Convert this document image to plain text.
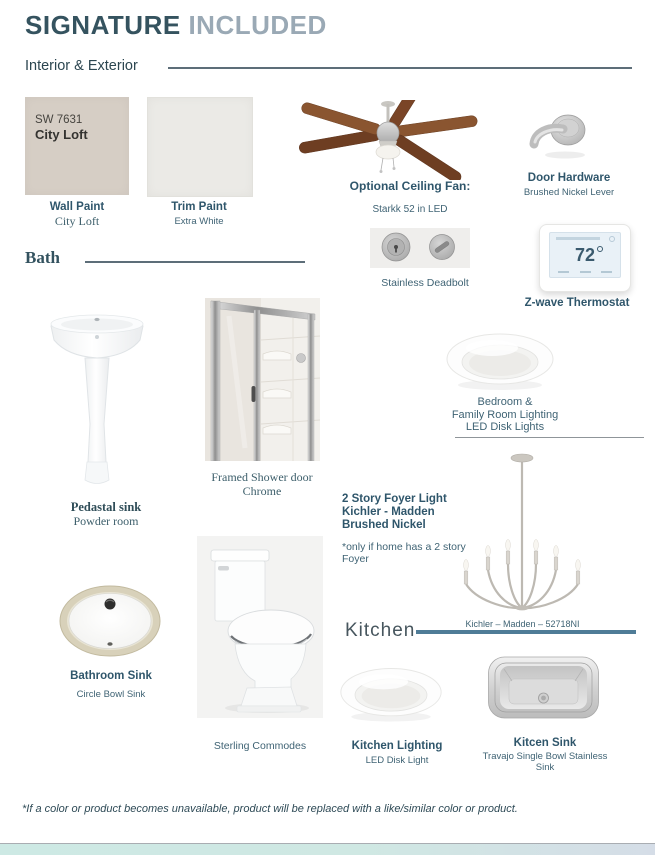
SIGNATURE INCLUDED
Interior & Exterior
SW 7631
City Loft
Wall Paint
City Loft
Trim Paint
Extra White
Optional Ceiling Fan:
Starkk 52 in LED
Door Hardware
Brushed Nickel Lever
Stainless Deadbolt
72
Z-wave Thermostat
Bath
Pedastal sink
Powder room
Framed Shower door
Chrome
Bedroom &
Family Room Lighting
LED Disk Lights
2 Story Foyer Light
Kichler - Madden
Brushed Nickel
*only if home has a 2 story
Foyer
Kichler – Madden – 52718NI
Bathroom Sink
Circle Bowl Sink
Sterling Commodes
Kitchen
Kitchen Lighting
LED Disk Light
Kitcen Sink
Travajo Single Bowl Stainless
Sink
*If a color or product becomes unavailable, product will be replaced with a like/similar color or product.
